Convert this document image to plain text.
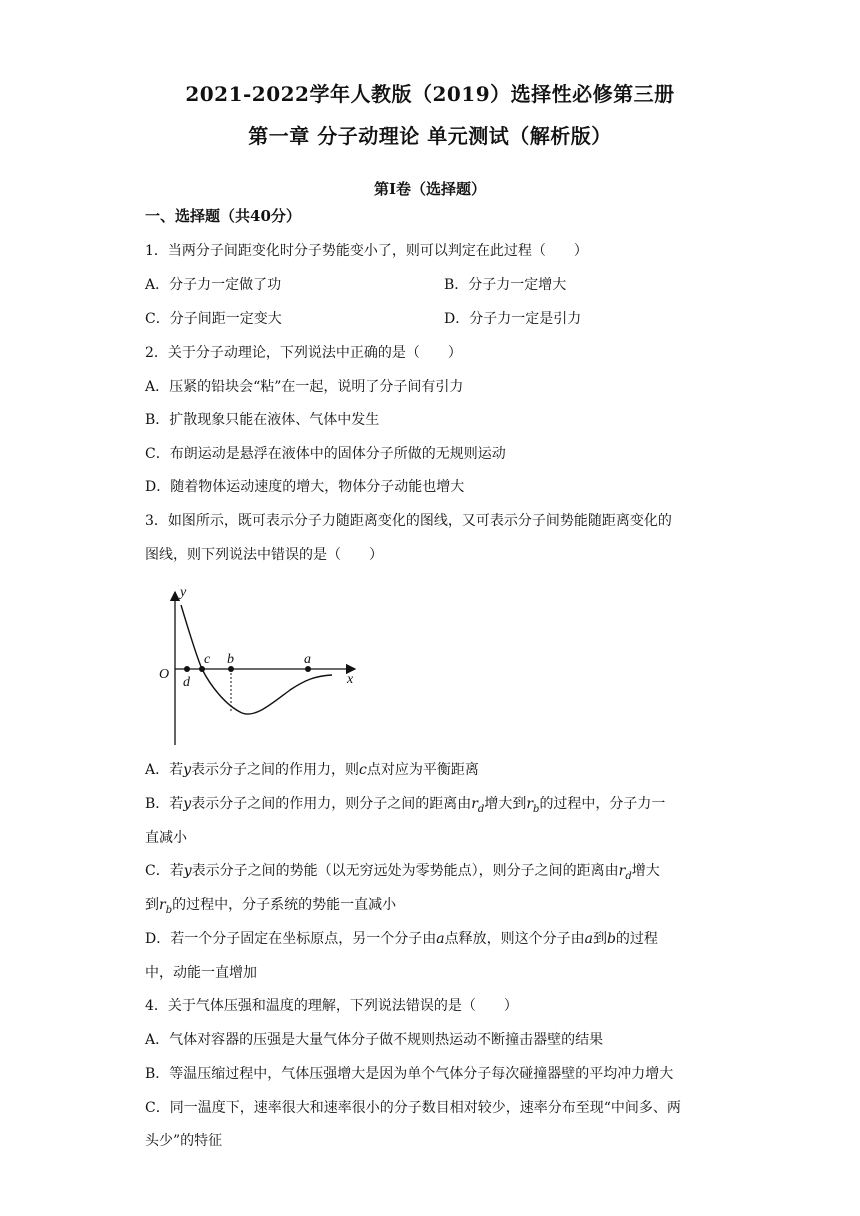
2021-2022学年人教版（2019）选择性必修第三册
第一章 分子动理论 单元测试（解析版）
第Ⅰ卷（选择题）
一、选择题（共40分）
1．当两分子间距变化时分子势能变小了，则可以判定在此过程（　　）
A．分子力一定做了功	B．分子力一定增大
C．分子间距一定变大	D．分子力一定是引力
2．关于分子动理论，下列说法中正确的是（　　）
A．压紧的铅块会“粘”在一起，说明了分子间有引力
B．扩散现象只能在液体、气体中发生
C．布朗运动是悬浮在液体中的固体分子所做的无规则运动
D．随着物体运动速度的增大，物体分子动能也增大
3．如图所示，既可表示分子力随距离变化的图线，又可表示分子间势能随距离变化的
图线，则下列说法中错误的是（　　）
y
x
O
d
c b	a
A．若y表示分子之间的作用力，则c点对应为平衡距离
B．若y表示分子之间的作用力，则分子之间的距离由$r_d$增大到$r_b$的过程中，分子力一
直减小
C．若y表示分子之间的势能（以无穷远处为零势能点），则分子之间的距离由$r_d$增大
到$r_b$的过程中，分子系统的势能一直减小
D．若一个分子固定在坐标原点，另一个分子由a点释放，则这个分子由a到b的过程
中，动能一直增加
4．关于气体压强和温度的理解，下列说法错误的是（　　）
A．气体对容器的压强是大量气体分子做不规则热运动不断撞击器壁的结果
B．等温压缩过程中，气体压强增大是因为单个气体分子每次碰撞器壁的平均冲力增大
C．同一温度下，速率很大和速率很小的分子数目相对较少，速率分布至现“中间多、两
头少”的特征
